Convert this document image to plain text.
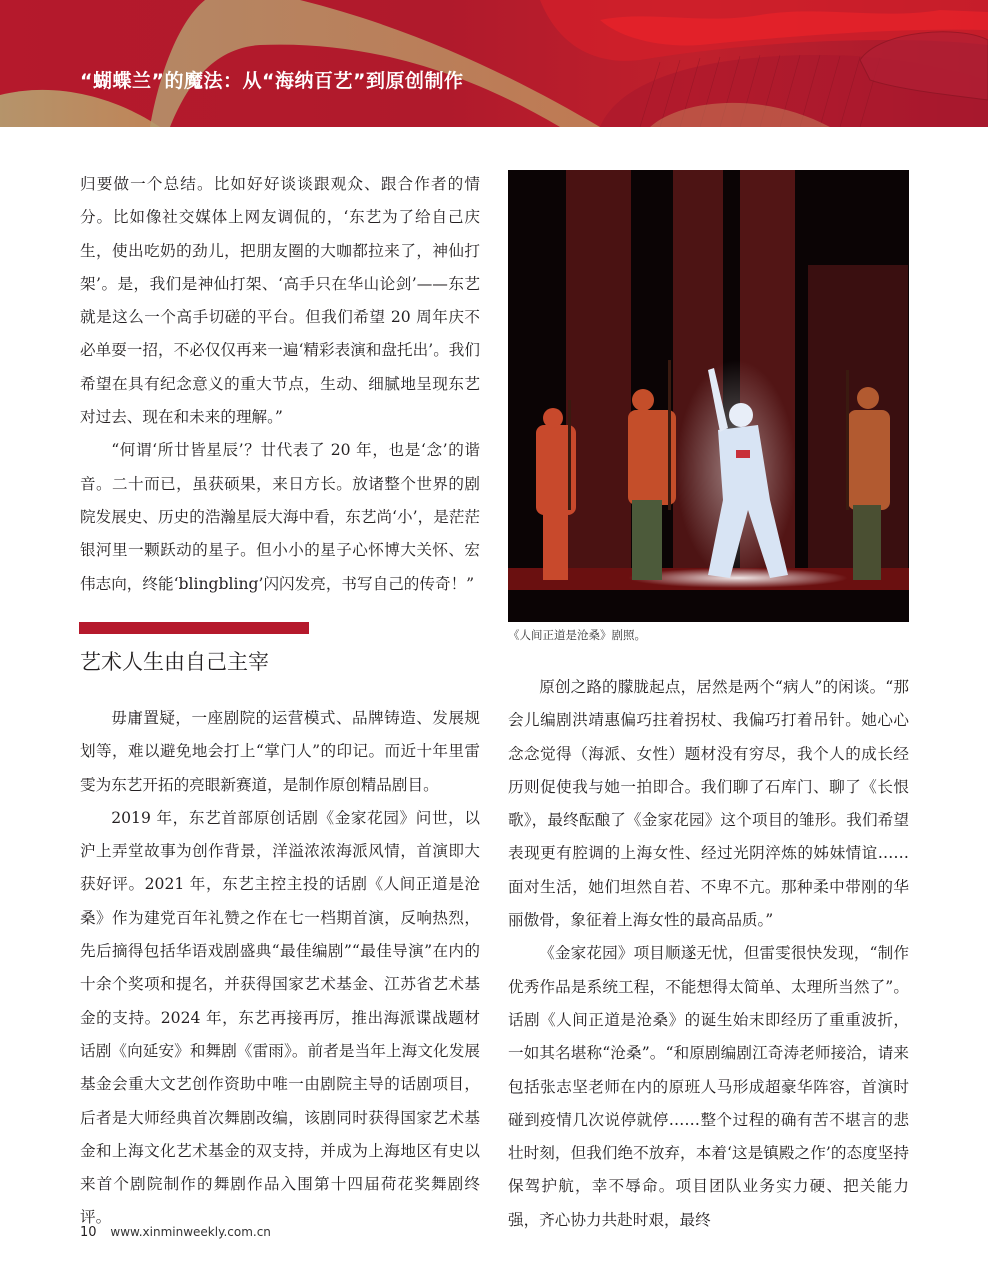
“蝴蝶兰”的魔法：从“海纳百艺”到原创制作

归要做一个总结。比如好好谈谈跟观众、跟合作者的情分。比如像社交媒体上网友调侃的，‘东艺为了给自己庆生，使出吃奶的劲儿，把朋友圈的大咖都拉来了，神仙打架’。是，我们是神仙打架、‘高手只在华山论剑’——东艺就是这么一个高手切磋的平台。但我们希望 20 周年庆不必单耍一招，不必仅仅再来一遍‘精彩表演和盘托出’。我们希望在具有纪念意义的重大节点，生动、细腻地呈现东艺对过去、现在和未来的理解。”

“何谓‘所廿皆星辰’？廿代表了 20 年，也是‘念’的谐音。二十而已，虽获硕果，来日方长。放诸整个世界的剧院发展史、历史的浩瀚星辰大海中看，东艺尚‘小’，是茫茫银河里一颗跃动的星子。但小小的星子心怀博大关怀、宏伟志向，终能‘blingbling’闪闪发亮，书写自己的传奇！”

艺术人生由自己主宰

毋庸置疑，一座剧院的运营模式、品牌铸造、发展规划等，难以避免地会打上“掌门人”的印记。而近十年里雷雯为东艺开拓的亮眼新赛道，是制作原创精品剧目。

2019 年，东艺首部原创话剧《金家花园》问世，以沪上弄堂故事为创作背景，洋溢浓浓海派风情，首演即大获好评。2021 年，东艺主控主投的话剧《人间正道是沧桑》作为建党百年礼赞之作在七一档期首演，反响热烈，先后摘得包括华语戏剧盛典“最佳编剧”“最佳导演”在内的十余个奖项和提名，并获得国家艺术基金、江苏省艺术基金的支持。2024 年，东艺再接再厉，推出海派谍战题材话剧《向延安》和舞剧《雷雨》。前者是当年上海文化发展基金会重大文艺创作资助中唯一由剧院主导的话剧项目，后者是大师经典首次舞剧改编，该剧同时获得国家艺术基金和上海文化艺术基金的双支持，并成为上海地区有史以来首个剧院制作的舞剧作品入围第十四届荷花奖舞剧终评。

《人间正道是沧桑》剧照。

原创之路的朦胧起点，居然是两个“病人”的闲谈。“那会儿编剧洪靖惠偏巧拄着拐杖、我偏巧打着吊针。她心心念念觉得（海派、女性）题材没有穷尽，我个人的成长经历则促使我与她一拍即合。我们聊了石库门、聊了《长恨歌》，最终酝酿了《金家花园》这个项目的雏形。我们希望表现更有腔调的上海女性、经过光阴淬炼的姊妹情谊……面对生活，她们坦然自若、不卑不亢。那种柔中带刚的华丽傲骨，象征着上海女性的最高品质。”

《金家花园》项目顺遂无忧，但雷雯很快发现，“制作优秀作品是系统工程，不能想得太简单、太理所当然了”。话剧《人间正道是沧桑》的诞生始末即经历了重重波折，一如其名堪称“沧桑”。“和原剧编剧江奇涛老师接洽，请来包括张志坚老师在内的原班人马形成超豪华阵容，首演时碰到疫情几次说停就停……整个过程的确有苦不堪言的悲壮时刻，但我们绝不放弃，本着‘这是镇殿之作’的态度坚持保驾护航，幸不辱命。项目团队业务实力硬、把关能力强，齐心协力共赴时艰，最终

10 www.xinminweekly.com.cn
